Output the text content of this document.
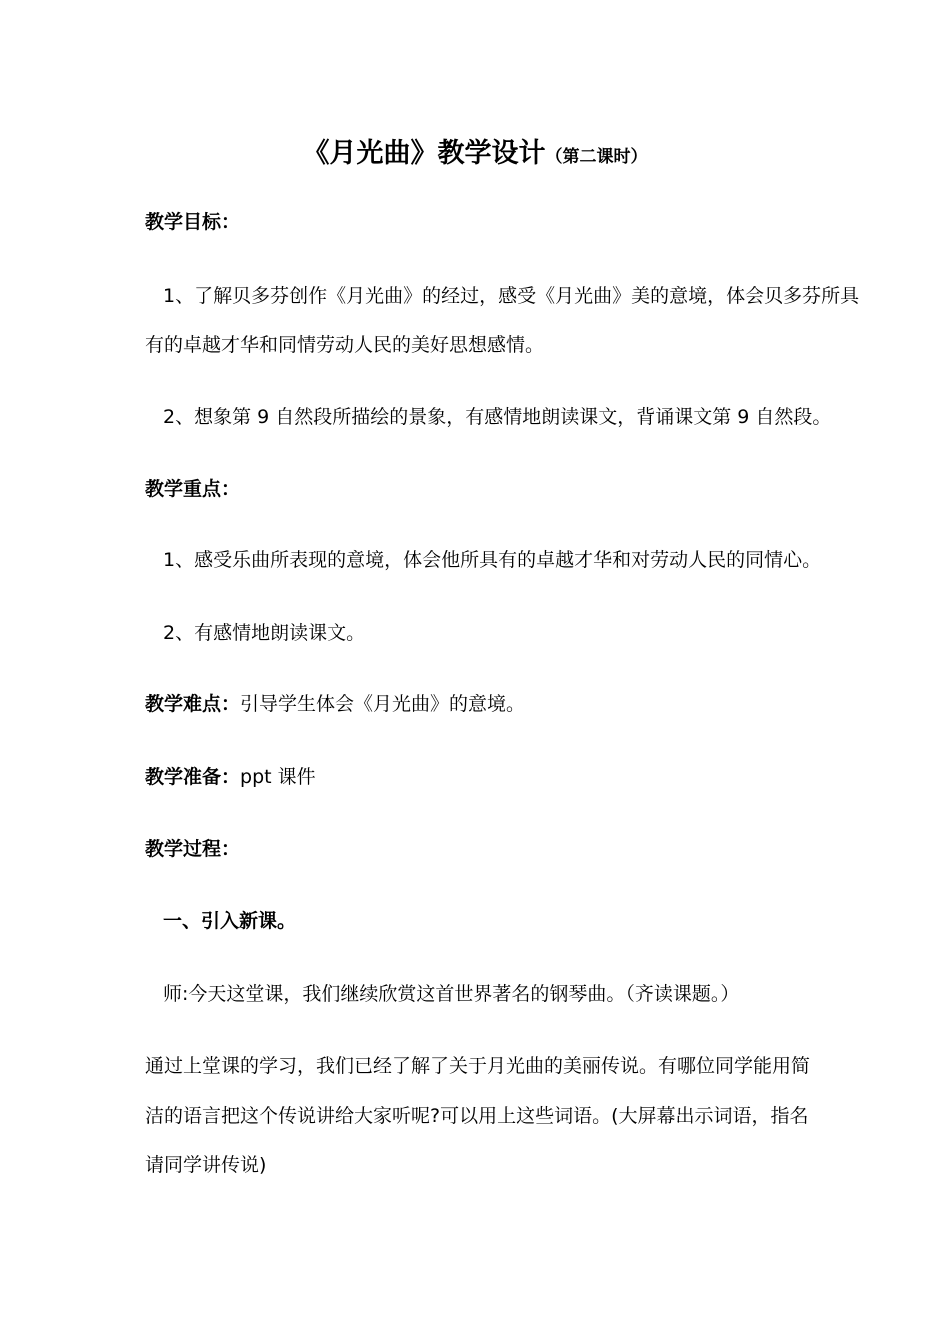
《月光曲》教学设计（第二课时）
教学目标：
1、了解贝多芬创作《月光曲》的经过，感受《月光曲》美的意境，体会贝多芬所具
有的卓越才华和同情劳动人民的美好思想感情。
2、想象第 9 自然段所描绘的景象，有感情地朗读课文，背诵课文第 9 自然段。
教学重点：
1、感受乐曲所表现的意境，体会他所具有的卓越才华和对劳动人民的同情心。
2、有感情地朗读课文。
教学难点：引导学生体会《月光曲》的意境。
教学准备：ppt 课件
教学过程：
一、引入新课。
师:今天这堂课，我们继续欣赏这首世界著名的钢琴曲。（齐读课题。）
通过上堂课的学习，我们已经了解了关于月光曲的美丽传说。有哪位同学能用简
洁的语言把这个传说讲给大家听呢?可以用上这些词语。(大屏幕出示词语，指名
请同学讲传说)
